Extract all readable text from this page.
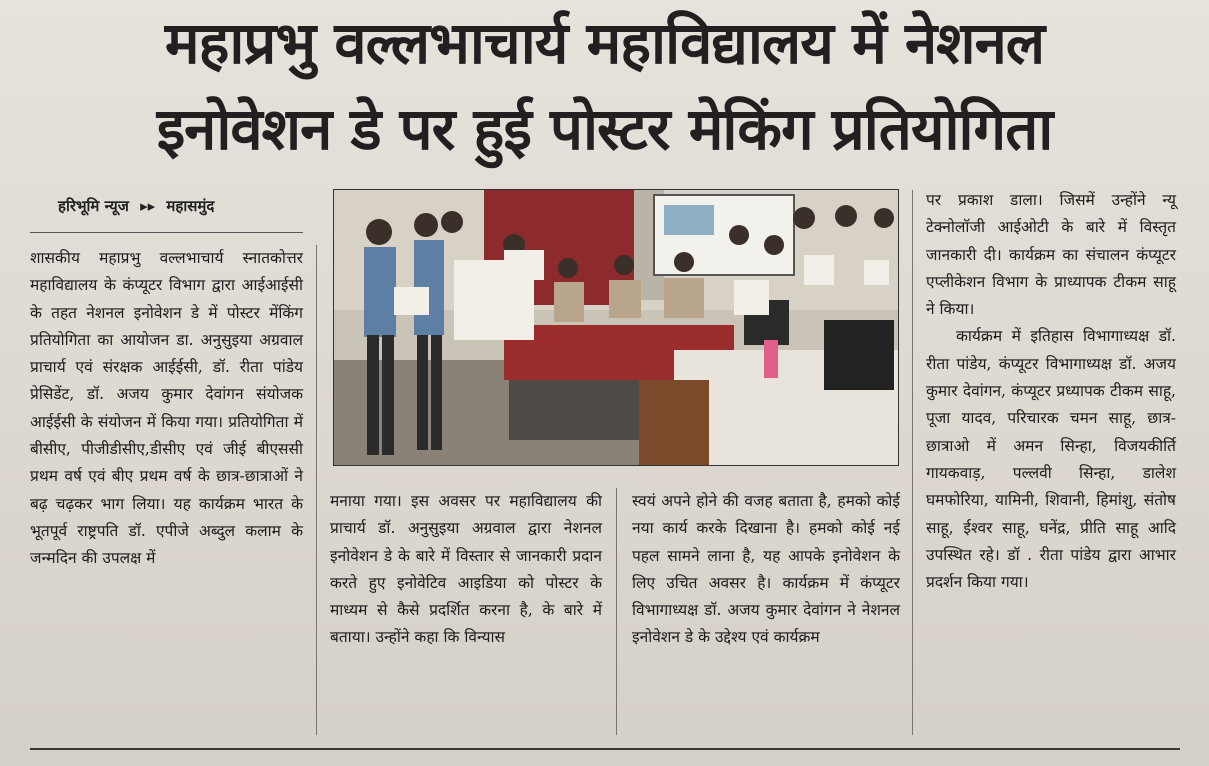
महाप्रभु वल्लभाचार्य महाविद्यालय में नेशनल
इनोवेशन डे पर हुई पोस्टर मेकिंग प्रतियोगिता
हरिभूमि न्यूज ▸▸ महासमुंद

शासकीय महाप्रभु वल्लभाचार्य स्नातकोत्तर महाविद्यालय के कंप्यूटर विभाग द्वारा आईआईसी के तहत नेशनल इनोवेशन डे में पोस्टर मेंकिंग प्रतियोगिता का आयोजन डा. अनुसुइया अग्रवाल प्राचार्य एवं संरक्षक आईईसी, डॉ. रीता पांडेय प्रेसिडेंट, डॉ. अजय कुमार देवांगन संयोजक आईईसी के संयोजन में किया गया। प्रतियोगिता में बीसीए, पीजीडीसीए,डीसीए एवं जीई बीएससी प्रथम वर्ष एवं बीए प्रथम वर्ष के छात्र-छात्राओं ने बढ़ चढ़कर भाग लिया। यह कार्यक्रम भारत के भूतपूर्व राष्ट्रपति डॉ. एपीजे अब्दुल कलाम के जन्मदिन की उपलक्ष में

मनाया गया। इस अवसर पर महाविद्यालय की प्राचार्य डॉ. अनुसुइया अग्रवाल द्वारा नेशनल इनोवेशन डे के बारे में विस्तार से जानकारी प्रदान करते हुए इनोवेटिव आइडिया को पोस्टर के माध्यम से कैसे प्रदर्शित करना है, के बारे में बताया। उन्होंने कहा कि विन्यास

स्वयं अपने होने की वजह बताता है, हमको कोई नया कार्य करके दिखाना है। हमको कोई नई पहल सामने लाना है, यह आपके इनोवेशन के लिए उचित अवसर है। कार्यक्रम में कंप्यूटर विभागाध्यक्ष डॉ. अजय कुमार देवांगन ने नेशनल इनोवेशन डे के उद्देश्य एवं कार्यक्रम

पर प्रकाश डाला। जिसमें उन्होंने न्यू टेक्नोलॉजी आईओटी के बारे में विस्तृत जानकारी दी। कार्यक्रम का संचालन कंप्यूटर एप्लीकेशन विभाग के प्राध्यापक टीकम साहू ने किया।

कार्यक्रम में इतिहास विभागाध्यक्ष डॉ. रीता पांडेय, कंप्यूटर विभागाध्यक्ष डॉ. अजय कुमार देवांगन, कंप्यूटर प्रध्यापक टीकम साहू, पूजा यादव, परिचारक चमन साहू, छात्र-छात्राओ में अमन सिन्हा, विजयकीर्ति गायकवाड़, पल्लवी सिन्हा, डालेश घमफोरिया, यामिनी, शिवानी, हिमांशु, संतोष साहू, ईश्वर साहू, घनेंद्र, प्रीति साहू आदि उपस्थित रहे। डॉ . रीता पांडेय द्वारा आभार प्रदर्शन किया गया।
